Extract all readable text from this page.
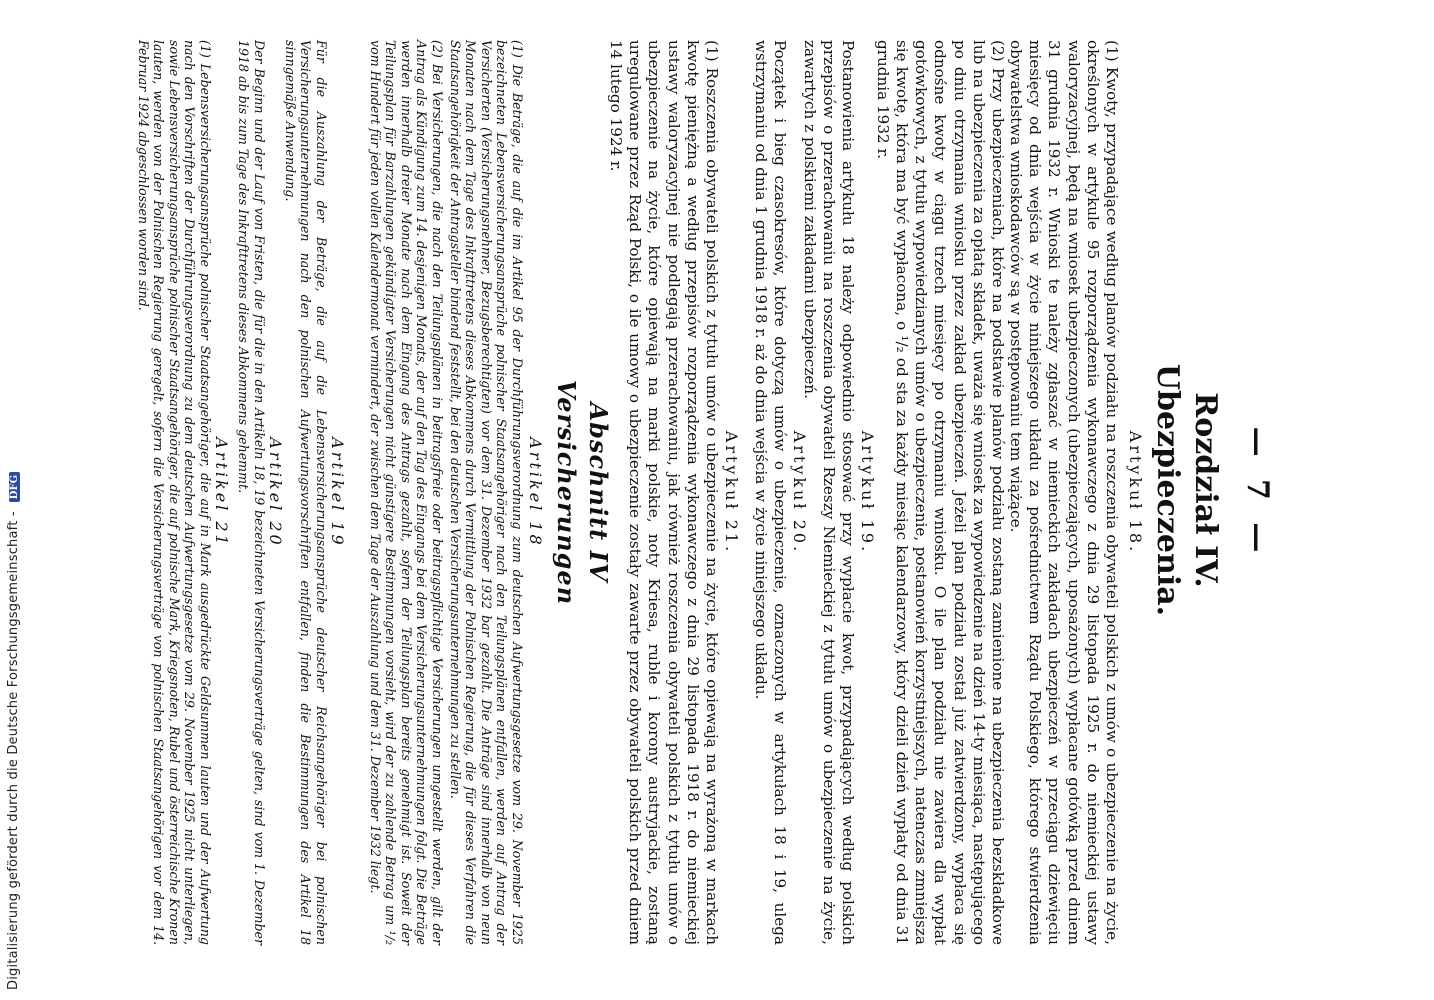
— 7 —
Rozdział IV.
Ubezpieczenia.
Artykuł 18.
(1) Kwoty, przypadające według planów podziału na roszczenia obywateli polskich z umów o ubezpieczenie na życie, określonych w artykule 95 rozporządzenia wykonawczego z dnia 29 listopada 1925 r. do niemieckiej ustawy waloryzacyjnej, będą na wniosek ubezpieczonych (ubezpieczających, uposażonych) wypłacane gotówką przed dniem 31 grudnia 1932 r. Wnioski te należy zgłaszać w niemieckich zakładach ubezpieczeń w przeciągu dziewięciu miesięcy od dnia wejścia w życie niniejszego układu za pośrednictwem Rządu Polskiego, którego stwierdzenia obywatelstwa wnioskodawców są w postępowaniu tem wiążące.
(2) Przy ubezpieczeniach, które na podstawie planów podziału zostaną zamienione na ubezpieczenia bezskładkowe lub na ubezpieczenia za opłatą składek, uważa się wniosek za wypowiedzenie na dzień 14-ty miesiąca, następującego po dniu otrzymania wniosku przez zakład ubezpieczeń. Jeżeli plan podziału został już zatwierdzony, wypłaca się odnośne kwoty w ciągu trzech miesięcy po otrzymaniu wniosku. O ile plan podziału nie zawiera dla wypłat gotówkowych, z tytułu wypowiedzianych umów o ubezpieczenie, postanowień korzystniejszych, natenczas zmniejsza się kwotę, która ma być wypłacona, o ¹/₂ od sta za każdy miesiąc kalendarzowy, który dzieli dzień wypłaty od dnia 31 grudnia 1932 r.
Artykuł 19.
Postanowienia artykułu 18 należy odpowiednio stosować przy wypłacie kwot, przypadających według polskich przepisów o przerachowaniu na roszczenia obywateli Rzeszy Niemieckiej z tytułu umów o ubezpieczenie na życie, zawartych z polskiemi zakładami ubezpieczeń.
Artykuł 20.
Początek i bieg czasokresów, które dotyczą umów o ubezpieczenie, oznaczonych w artykułach 18 i 19, ulega wstrzymaniu od dnia 1 grudnia 1918 r. aż do dnia wejścia w życie niniejszego układu.
Artykuł 21.
(1) Roszczenia obywateli polskich z tytułu umów o ubezpieczenie na życie, które opiewają na wyrażoną w markach kwotę pieniężną a według przepisów rozporządzenia wykonawczego z dnia 29 listopada 1918 r. do niemieckiej ustawy waloryzacyjnej nie podlegają przerachowaniu, jak również roszczenia obywateli polskich z tytułu umów o ubezpieczenie na życie, które opiewają na marki polskie, noty Kriesa, ruble i korony austryjackie, zostaną uregulowane przez Rząd Polski, o ile umowy o ubezpieczenie zostały zawarte przez obywateli polskich przed dniem 14 lutego 1924 r.
Abschnitt IV
Versicherungen
Artikel 18
(1) Die Beträge, die auf die im Artikel 95 der Durchführungsverordnung zum deutschen Aufwertungsgesetze vom 29. November 1925 bezeichneten Lebensversicherungsansprüche polnischer Staatsangehöriger nach den Teilungsplänen entfallen, werden auf Antrag der Versicherten (Versicherungsnehmer, Bezugsberechtigten) vor dem 31. Dezember 1932 bar gezahlt. Die Anträge sind innerhalb von neun Monaten nach dem Tage des Inkrafttretens dieses Abkommens durch Vermittlung der Polnischen Regierung, die für dieses Verfahren die Staatsangehörigkeit der Antragsteller bindend feststellt, bei den deutschen Versicherungsunternehmungen zu stellen.
(2) Bei Versicherungen, die nach den Teilungsplänen in beitragsfreie oder beitragspflichtige Versicherungen umgestellt werden, gilt der Antrag als Kündigung zum 14. desjenigen Monats, der auf den Tag des Eingangs bei dem Versicherungsunternehmungen folgt. Die Beträge werden innerhalb dreier Monate nach dem Eingang des Antrags gezahlt, sofern der Teilungsplan bereits genehmigt ist. Soweit der Teilungsplan für Barzahlungen gekündigter Versicherungen nicht günstigere Bestimmungen vorsieht, wird der zu zahlende Betrag um ¹/₂ vom Hundert für jeden vollen Kalendermonat vermindert, der zwischen dem Tage der Auszahlung und dem 31. Dezember 1932 liegt.
Artikel 19
Für die Auszahlung der Beträge, die auf die Lebensversicherungsansprüche deutscher Reichsangehöriger bei polnischen Versicherungsunternehmungen nach den polnischen Aufwertungsvorschriften entfallen, finden die Bestimmungen des Artikel 18 sinngemäße Anwendung.
Artikel 20
Der Beginn und der Lauf von Fristen, die für die in den Artikeln 18, 19 bezeichneten Versicherungsverträge gelten, sind vom 1. Dezember 1918 ab bis zum Tage des Inkrafttretens dieses Abkommens gehemmt.
Artikel 21
(1) Lebensversicherungsansprüche polnischer Staatsangehöriger, die auf in Mark ausgedrückte Geldsummen lauten und der Aufwertung nach den Vorschriften der Durchführungsverordnung zu dem deutschen Aufwertungsgesetze vom 29. November 1925 nicht unterliegen, sowie Lebensversicherungsansprüche polnischer Staatsangehöriger, die auf polnische Mark, Kriegsnoten, Rubel und österreichische Kronen lauten, werden von der Polnischen Regierung geregelt, sofern die Versicherungsverträge von polnischen Staatsangehörigen vor dem 14. Februar 1924 abgeschlossen worden sind.
Digitalisierung gefördert durch die Deutsche Forschungsgemeinschaft - DFG
